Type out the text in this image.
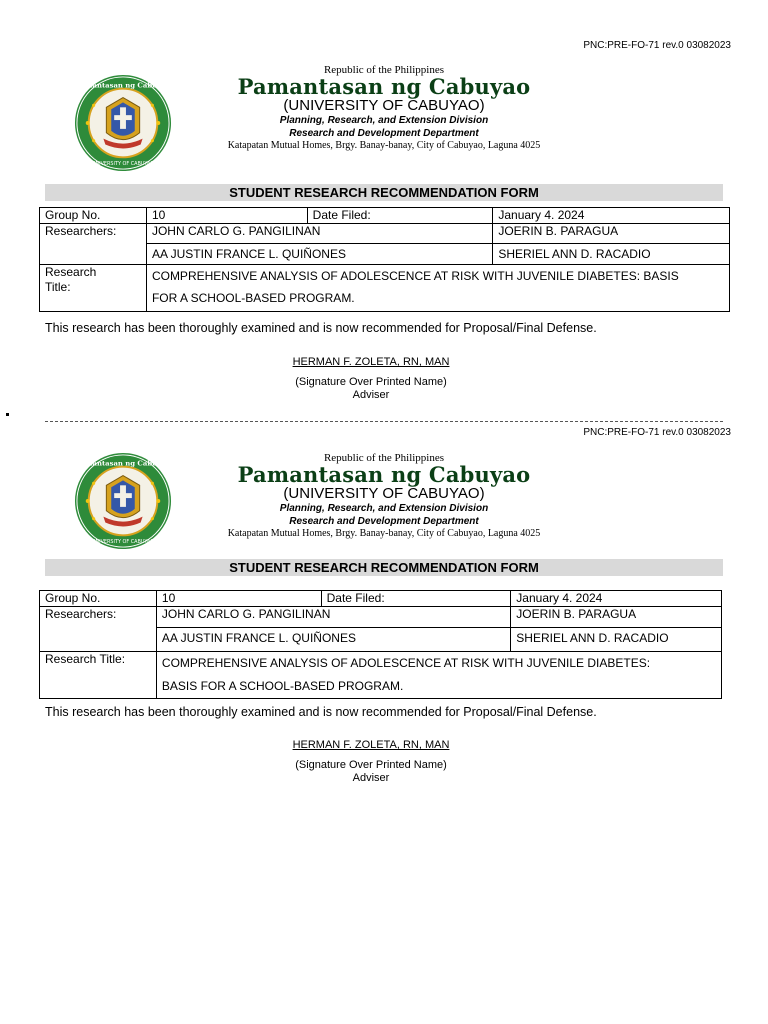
PNC:PRE-FO-71 rev.0 03082023
Pamantasan ng Cabuyao
UNIVERSITY OF CABUYAO
Republic of the Philippines
Pamantasan ng Cabuyao
(UNIVERSITY OF CABUYAO)
Planning, Research, and Extension Division
Research and Development Department
Katapatan Mutual Homes, Brgy. Banay-banay, City of Cabuyao, Laguna 4025
STUDENT RESEARCH RECOMMENDATION FORM
Group No.	10	Date Filed:	January 4. 2024
Researchers:	JOHN CARLO G. PANGILINAN		JOERIN B. PARAGUA
	AA JUSTIN FRANCE L. QUIÑONES		SHERIEL ANN D. RACADIO
Research
Title:	COMPREHENSIVE ANALYSIS OF ADOLESCENCE AT RISK WITH JUVENILE DIABETES: BASIS
FOR A SCHOOL-BASED PROGRAM.		
This research has been thoroughly examined and is now recommended for Proposal/Final Defense.
HERMAN F. ZOLETA, RN, MAN
(Signature Over Printed Name)
Adviser
PNC:PRE-FO-71 rev.0 03082023
Pamantasan ng Cabuyao
UNIVERSITY OF CABUYAO
Republic of the Philippines
Pamantasan ng Cabuyao
(UNIVERSITY OF CABUYAO)
Planning, Research, and Extension Division
Research and Development Department
Katapatan Mutual Homes, Brgy. Banay-banay, City of Cabuyao, Laguna 4025
STUDENT RESEARCH RECOMMENDATION FORM
Group No.	10	Date Filed:	January 4. 2024
Researchers:	JOHN CARLO G. PANGILINAN		JOERIN B. PARAGUA
	AA JUSTIN FRANCE L. QUIÑONES		SHERIEL ANN D. RACADIO
Research Title:	COMPREHENSIVE ANALYSIS OF ADOLESCENCE AT RISK WITH JUVENILE DIABETES:
BASIS FOR A SCHOOL-BASED PROGRAM.		
This research has been thoroughly examined and is now recommended for Proposal/Final Defense.
HERMAN F. ZOLETA, RN, MAN
(Signature Over Printed Name)
Adviser
